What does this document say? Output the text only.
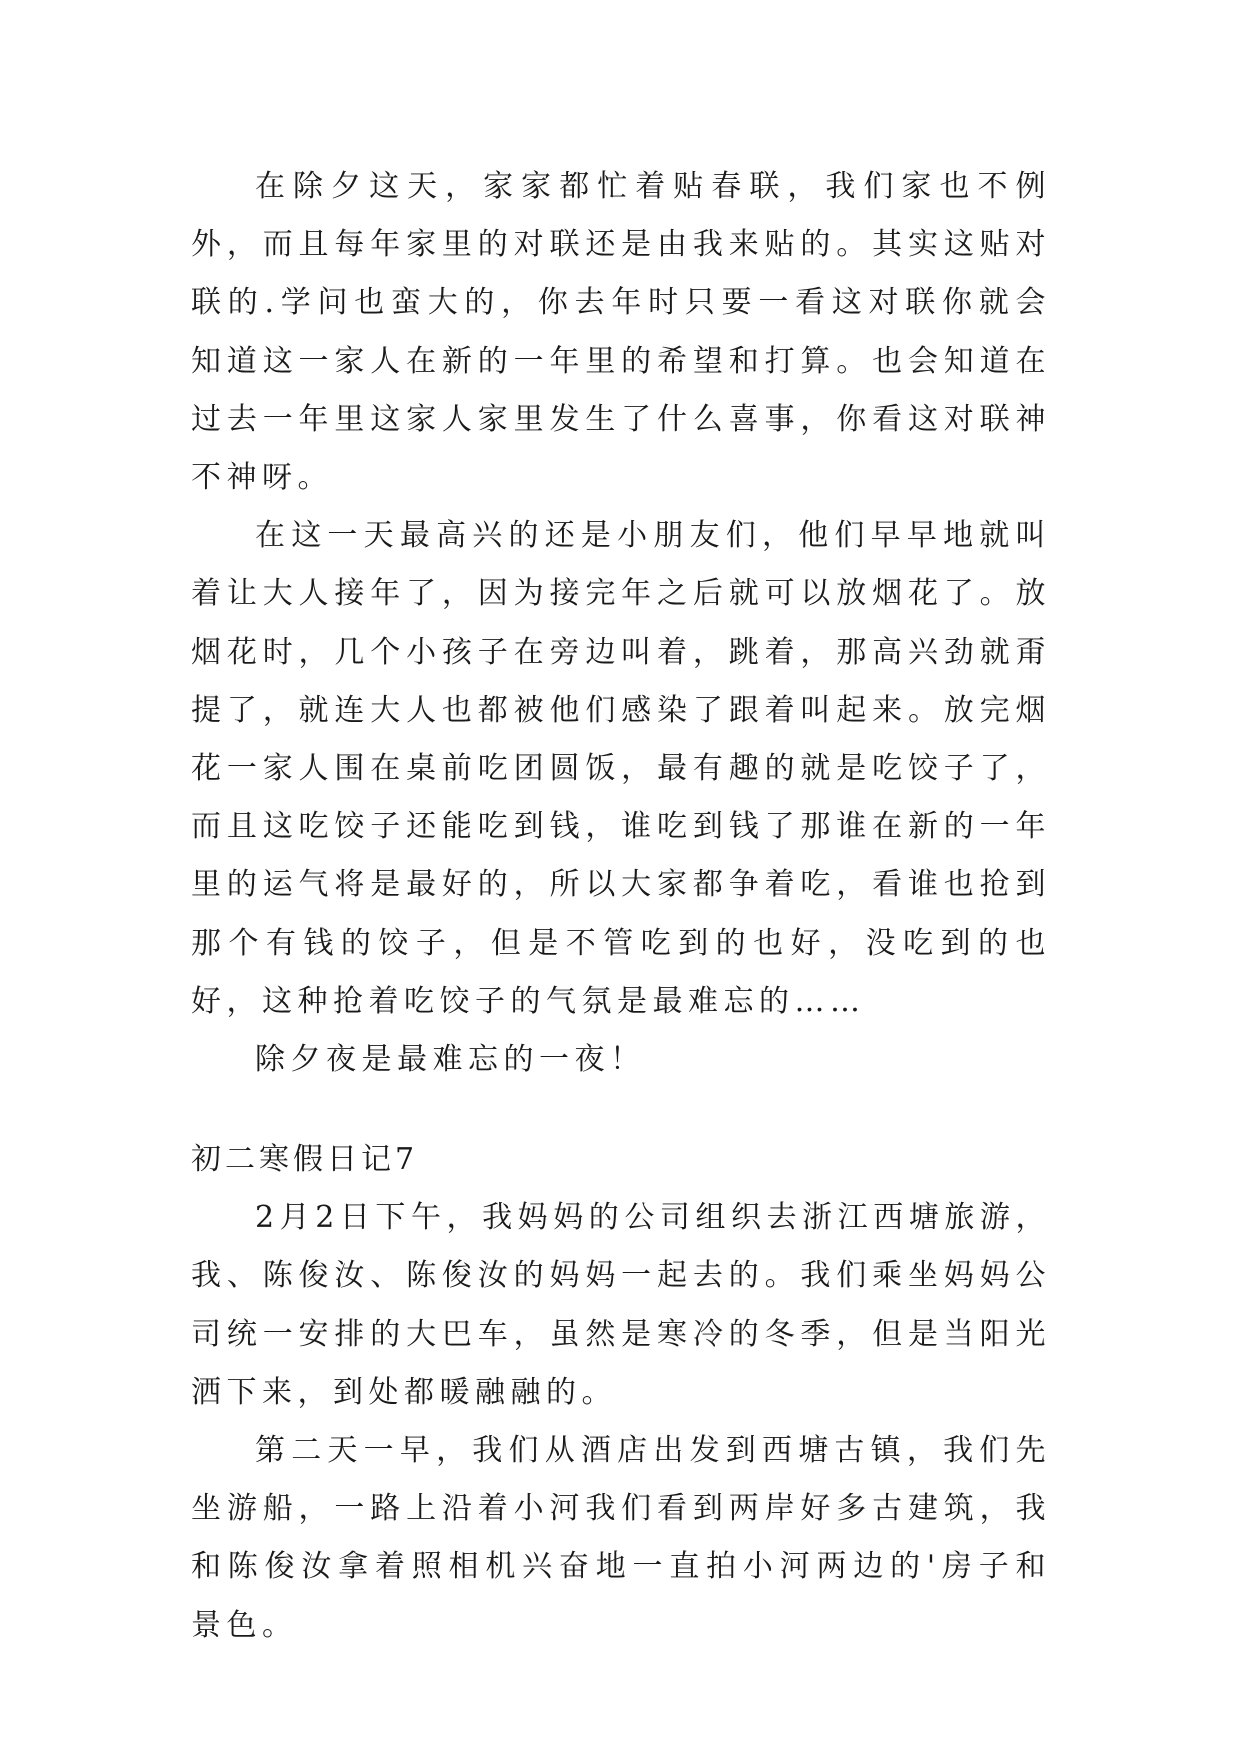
在除夕这天，家家都忙着贴春联，我们家也不例外，而且每年家里的对联还是由我来贴的。其实这贴对联的.学问也蛮大的，你去年时只要一看这对联你就会知道这一家人在新的一年里的希望和打算。也会知道在过去一年里这家人家里发生了什么喜事，你看这对联神不神呀。

在这一天最高兴的还是小朋友们，他们早早地就叫着让大人接年了，因为接完年之后就可以放烟花了。放烟花时，几个小孩子在旁边叫着，跳着，那高兴劲就甭提了，就连大人也都被他们感染了跟着叫起来。放完烟花一家人围在桌前吃团圆饭，最有趣的就是吃饺子了，而且这吃饺子还能吃到钱，谁吃到钱了那谁在新的一年里的运气将是最好的，所以大家都争着吃，看谁也抢到那个有钱的饺子，但是不管吃到的也好，没吃到的也好，这种抢着吃饺子的气氛是最难忘的……

除夕夜是最难忘的一夜！

初二寒假日记7

2月2日下午，我妈妈的公司组织去浙江西塘旅游，我、陈俊汝、陈俊汝的妈妈一起去的。我们乘坐妈妈公司统一安排的大巴车，虽然是寒冷的冬季，但是当阳光洒下来，到处都暖融融的。

第二天一早，我们从酒店出发到西塘古镇，我们先坐游船，一路上沿着小河我们看到两岸好多古建筑，我和陈俊汝拿着照相机兴奋地一直拍小河两边的'房子和景色。
